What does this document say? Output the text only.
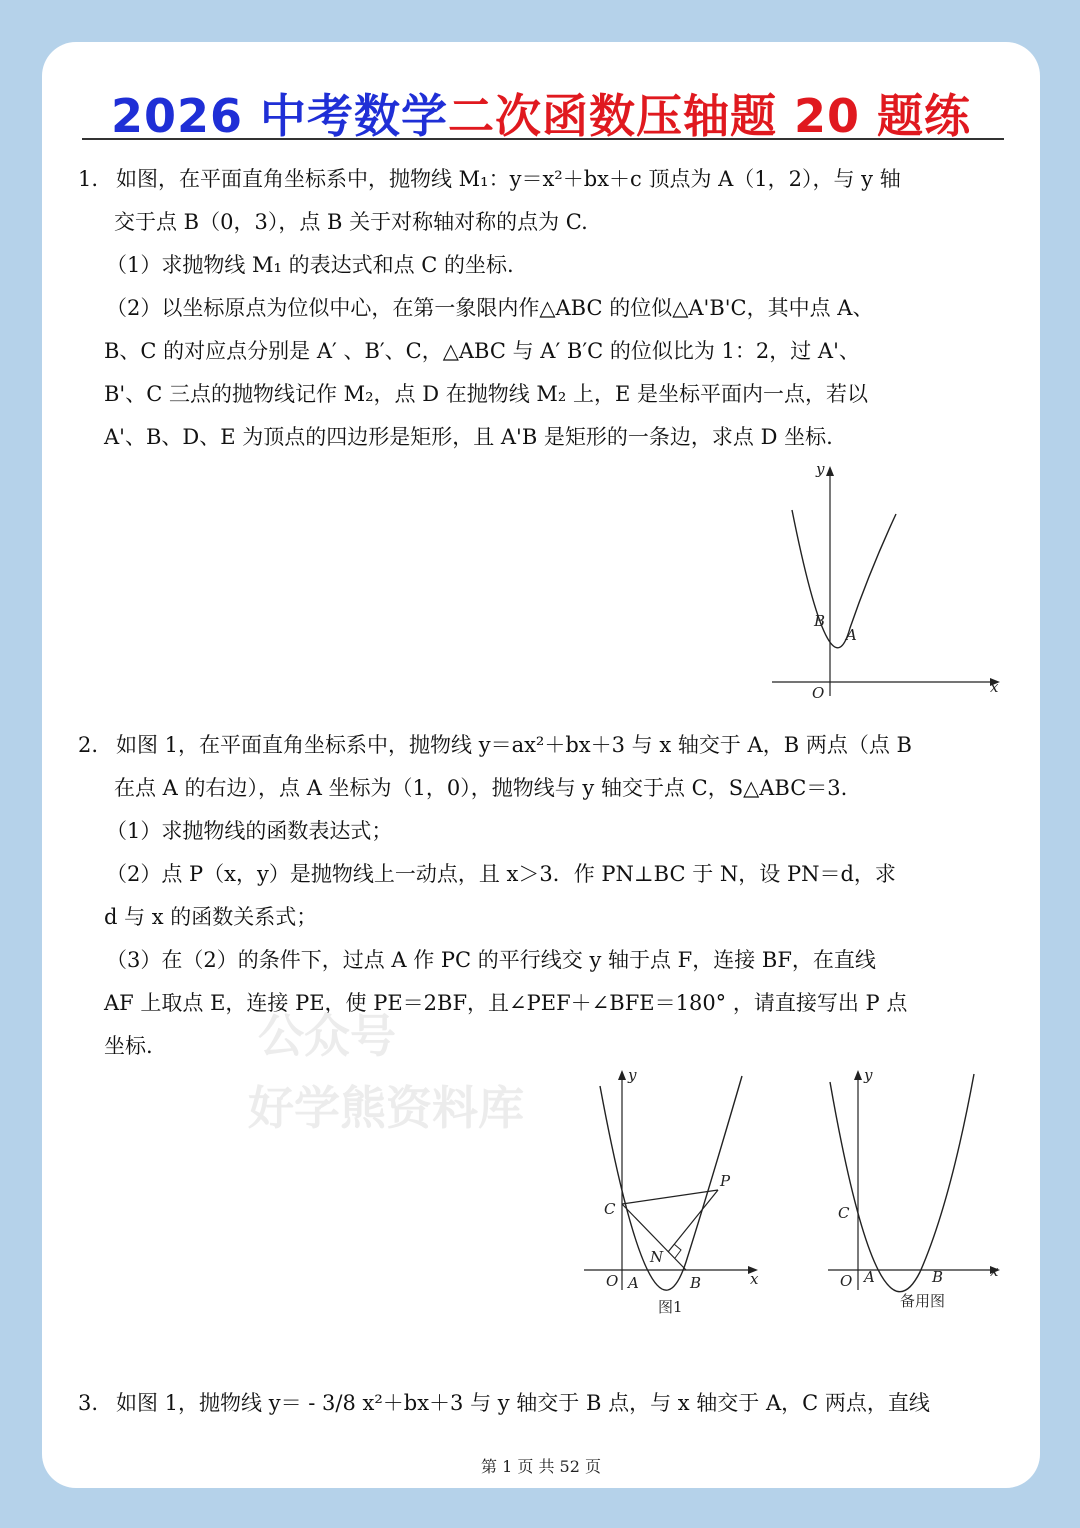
2026 中考数学二次函数压轴题 20 题练
1. 如图，在平面直角坐标系中，抛物线 M₁：y＝x²＋bx＋c 顶点为 A（1，2），与 y 轴
交于点 B（0，3），点 B 关于对称轴对称的点为 C.
（1）求抛物线 M₁ 的表达式和点 C 的坐标.
（2）以坐标原点为位似中心，在第一象限内作△ABC 的位似△A'B'C，其中点 A、
B、C 的对应点分别是 A′ 、B′、C，△ABC 与 A′ B′C 的位似比为 1：2，过 A'、
B'、C 三点的抛物线记作 M₂，点 D 在抛物线 M₂ 上，E 是坐标平面内一点，若以
A'、B、D、E 为顶点的四边形是矩形，且 A'B 是矩形的一条边，求点 D 坐标.
y
x
O
B
A
2. 如图 1，在平面直角坐标系中，抛物线 y＝ax²＋bx＋3 与 x 轴交于 A，B 两点（点 B
在点 A 的右边），点 A 坐标为（1，0），抛物线与 y 轴交于点 C，S△ABC＝3.
（1）求抛物线的函数表达式；
（2）点 P（x，y）是抛物线上一动点，且 x＞3．作 PN⊥BC 于 N，设 PN＝d，求
d 与 x 的函数关系式；
（3）在（2）的条件下，过点 A 作 PC 的平行线交 y 轴于点 F，连接 BF，在直线
AF 上取点 E，连接 PE，使 PE＝2BF，且∠PEF＋∠BFE＝180° ，请直接写出 P 点
坐标. 公众号
好学熊资料库
y
x
O A	B
C
N
P
图1
y
x
O A	B
C
备用图
3. 如图 1，抛物线 y＝ - 3/8 x²＋bx＋3 与 y 轴交于 B 点，与 x 轴交于 A，C 两点，直线
第 1 页 共 52 页
